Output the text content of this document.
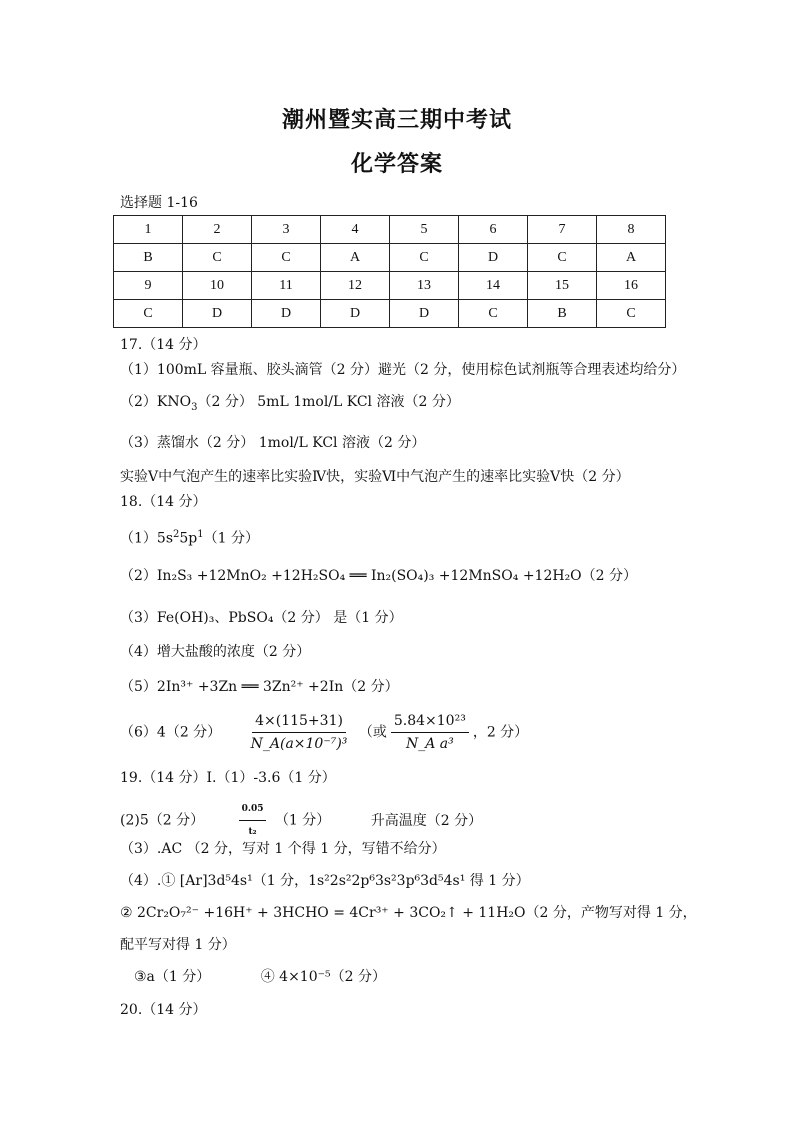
潮州暨实高三期中考试
化学答案
选择题 1-16
1	2	3	4	5	6	7	8
B	C	C	A	C	D	C	A
9	10	11	12	13	14	15	16
C	D	D	D	D	C	B	C
17.（14 分）
（1）100mL 容量瓶、胶头滴管（2 分）避光（2 分，使用棕色试剂瓶等合理表述均给分）
$(2)KNO_3(2$ 分） 5mL 1mol/L KCl 溶液（2 分）
（3）蒸馏水（2 分） 1mol/L KCl 溶液（2 分）
实验Ⅴ中气泡产生的速率比实验Ⅳ快，实验Ⅵ中气泡产生的速率比实验Ⅴ快（2 分）
18.（14 分）
$(1)5s^25p^1(1$ 分）
（2）In₂S₃ +12MnO₂ +12H₂SO₄ ══ In₂(SO₄)₃ +12MnSO₄ +12H₂O（2 分）
（3）Fe(OH)₃、PbSO₄（2 分） 是（1 分）
（4）增大盐酸的浓度（2 分）
（5）2In³⁺ +3Zn ══ 3Zn²⁺ +2In（2 分）
（6）4（2 分） $\frac{4\times(115+31)}{\text{N\_A(a×10⁻⁷)³}}$ （或 $\frac{\text{5.84×10²³}}{\text{N\_A a³}}$ ，2 分）
19.（14 分）Ⅰ.（1）-3.6（1 分）
(2)5（2 分）	$\frac{0.05}{\text{t₂}} (1$ 分）	升高温度（2 分）
（3）.AC （2 分，写对 1 个得 1 分，写错不给分）
（4）.① [Ar]3d⁵4s¹（1 分，1s²2s²2p⁶3s²3p⁶3d⁵4s¹ 得 1 分）
② 2Cr₂O₇²⁻ +16H⁺ + 3HCHO = 4Cr³⁺ + 3CO₂↑ + 11H₂O（2 分，产物写对得 1 分，
配平写对得 1 分）
③a（1 分）	④ 4×10⁻⁵（2 分）
20.（14 分）
